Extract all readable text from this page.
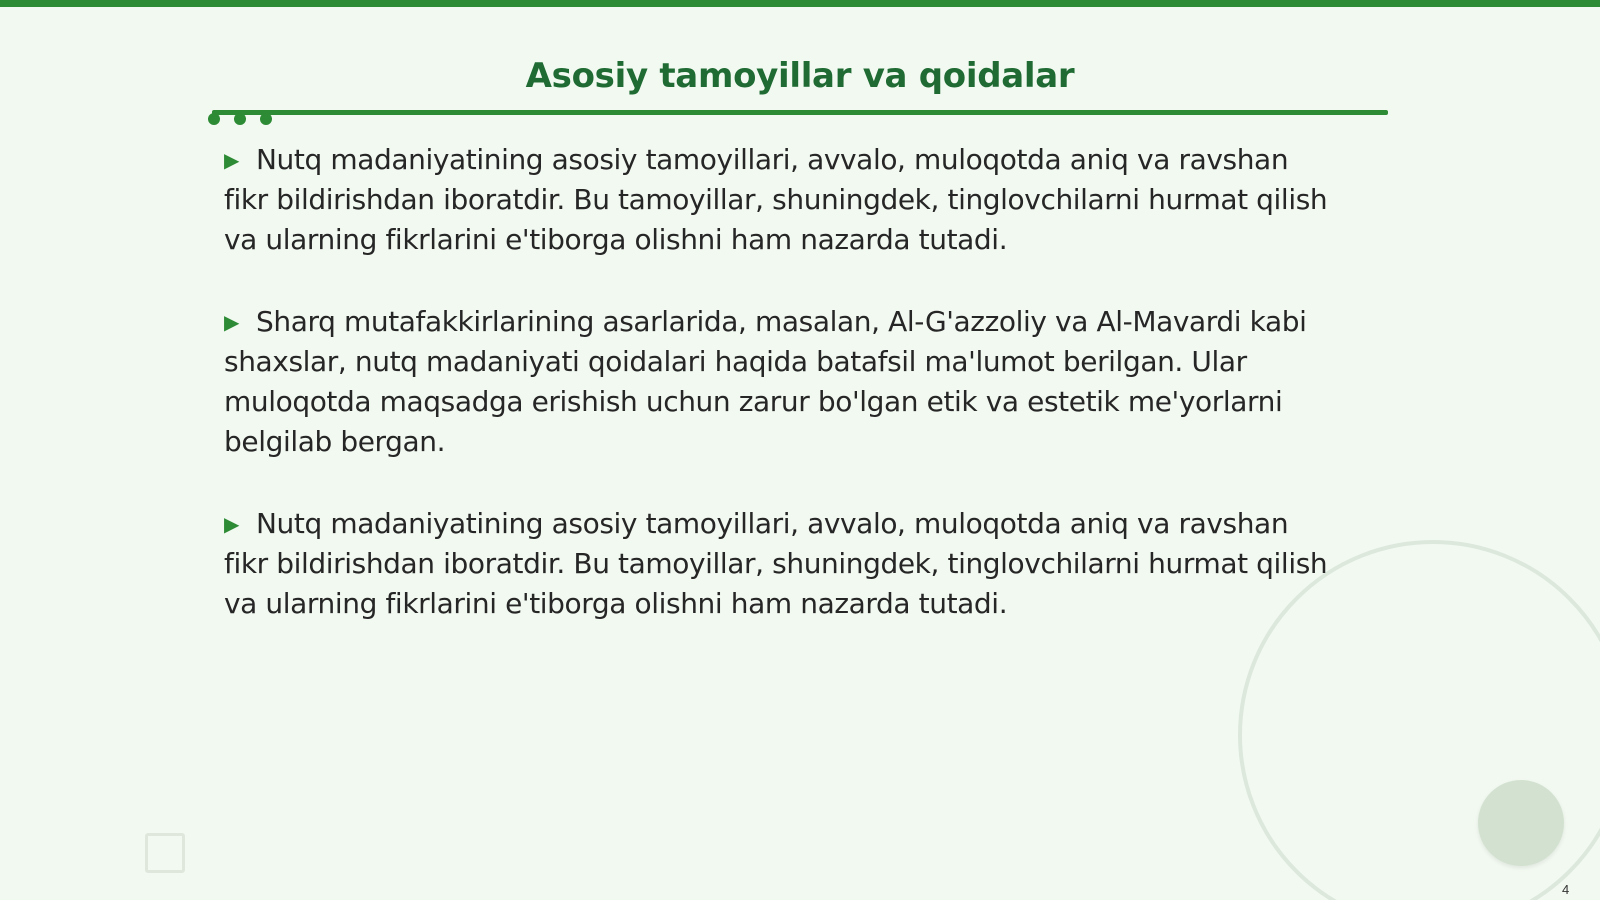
Asosiy tamoyillar va qoidalar

▶ Nutq madaniyatining asosiy tamoyillari, avvalo, muloqotda aniq va ravshan fikr bildirishdan iboratdir. Bu tamoyillar, shuningdek, tinglovchilarni hurmat qilish va ularning fikrlarini e'tiborga olishni ham nazarda tutadi.

▶ Sharq mutafakkirlarining asarlarida, masalan, Al-G'azzoliy va Al-Mavardi kabi shaxslar, nutq madaniyati qoidalari haqida batafsil ma'lumot berilgan. Ular muloqotda maqsadga erishish uchun zarur bo'lgan etik va estetik me'yorlarni belgilab bergan.

▶ Nutq madaniyatining asosiy tamoyillari, avvalo, muloqotda aniq va ravshan fikr bildirishdan iboratdir. Bu tamoyillar, shuningdek, tinglovchilarni hurmat qilish va ularning fikrlarini e'tiborga olishni ham nazarda tutadi.

4
